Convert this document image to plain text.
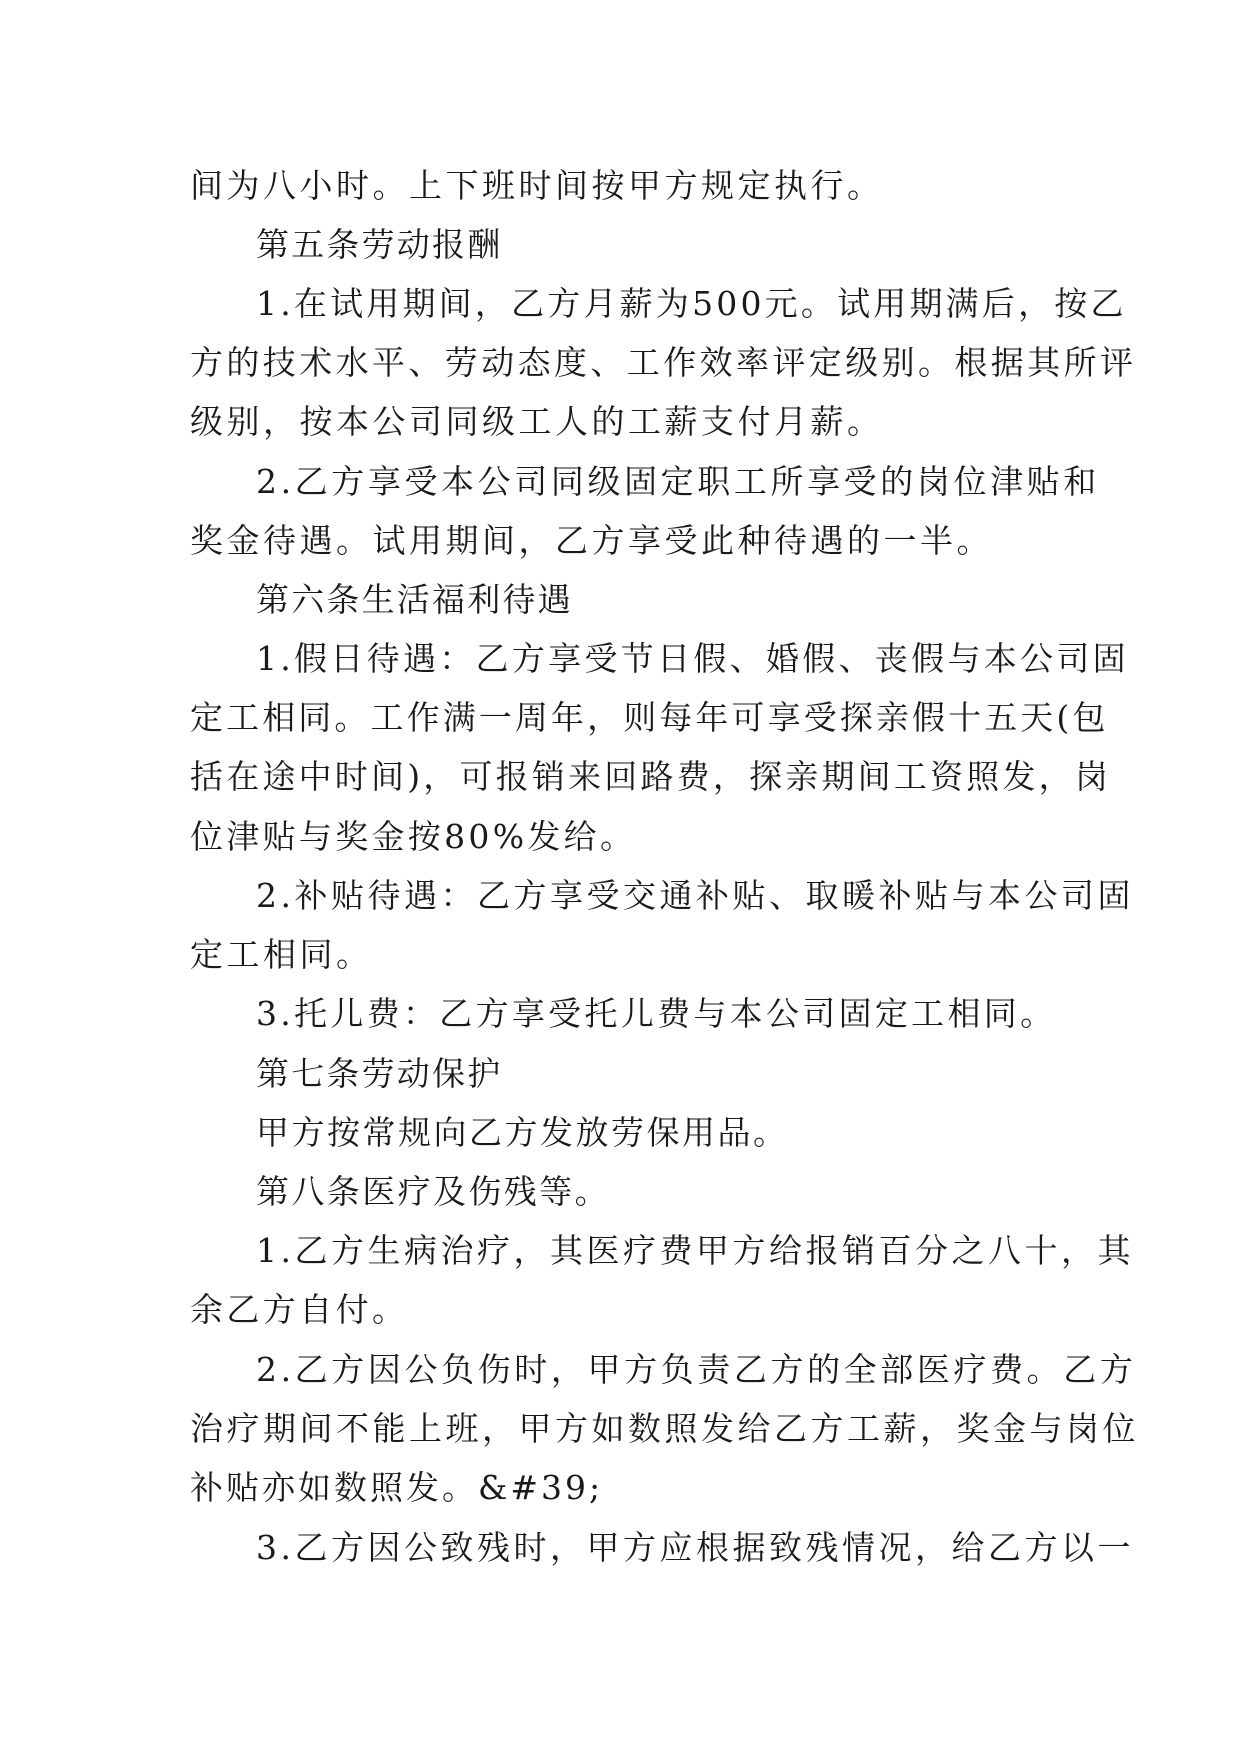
间为八小时。上下班时间按甲方规定执行。

第五条劳动报酬

1.在试用期间，乙方月薪为500元。试用期满后，按乙

方的技术水平、劳动态度、工作效率评定级别。根据其所评

级别，按本公司同级工人的工薪支付月薪。

2.乙方享受本公司同级固定职工所享受的岗位津贴和

奖金待遇。试用期间，乙方享受此种待遇的一半。

第六条生活福利待遇

1.假日待遇：乙方享受节日假、婚假、丧假与本公司固

定工相同。工作满一周年，则每年可享受探亲假十五天(包

括在途中时间)，可报销来回路费，探亲期间工资照发，岗

位津贴与奖金按80%发给。

2.补贴待遇：乙方享受交通补贴、取暖补贴与本公司固

定工相同。

3.托儿费：乙方享受托儿费与本公司固定工相同。

第七条劳动保护

甲方按常规向乙方发放劳保用品。

第八条医疗及伤残等。

1.乙方生病治疗，其医疗费甲方给报销百分之八十，其

余乙方自付。

2.乙方因公负伤时，甲方负责乙方的全部医疗费。乙方

治疗期间不能上班，甲方如数照发给乙方工薪，奖金与岗位

补贴亦如数照发。&#39;

3.乙方因公致残时，甲方应根据致残情况，给乙方以一
